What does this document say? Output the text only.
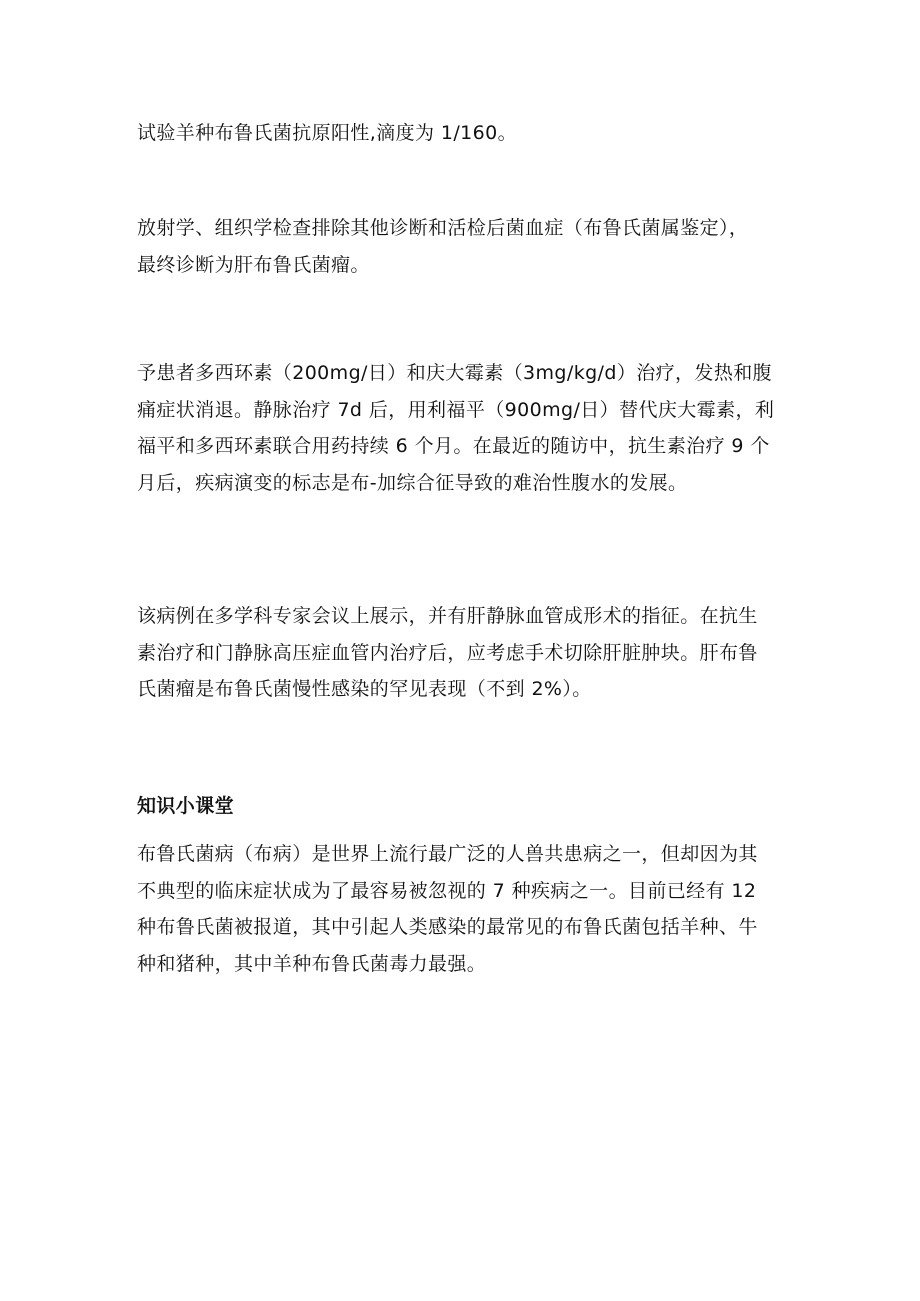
试验羊种布鲁氏菌抗原阳性,滴度为 1/160。

放射学、组织学检查排除其他诊断和活检后菌血症（布鲁氏菌属鉴定），
最终诊断为肝布鲁氏菌瘤。

予患者多西环素（200mg/日）和庆大霉素（3mg/kg/d）治疗，发热和腹
痛症状消退。静脉治疗 7d 后，用利福平（900mg/日）替代庆大霉素，利
福平和多西环素联合用药持续 6 个月。在最近的随访中，抗生素治疗 9 个
月后，疾病演变的标志是布-加综合征导致的难治性腹水的发展。

该病例在多学科专家会议上展示，并有肝静脉血管成形术的指征。在抗生
素治疗和门静脉高压症血管内治疗后，应考虑手术切除肝脏肿块。肝布鲁
氏菌瘤是布鲁氏菌慢性感染的罕见表现（不到 2%）。

知识小课堂

布鲁氏菌病（布病）是世界上流行最广泛的人兽共患病之一，但却因为其
不典型的临床症状成为了最容易被忽视的 7 种疾病之一。目前已经有 12
种布鲁氏菌被报道，其中引起人类感染的最常见的布鲁氏菌包括羊种、牛
种和猪种，其中羊种布鲁氏菌毒力最强。
